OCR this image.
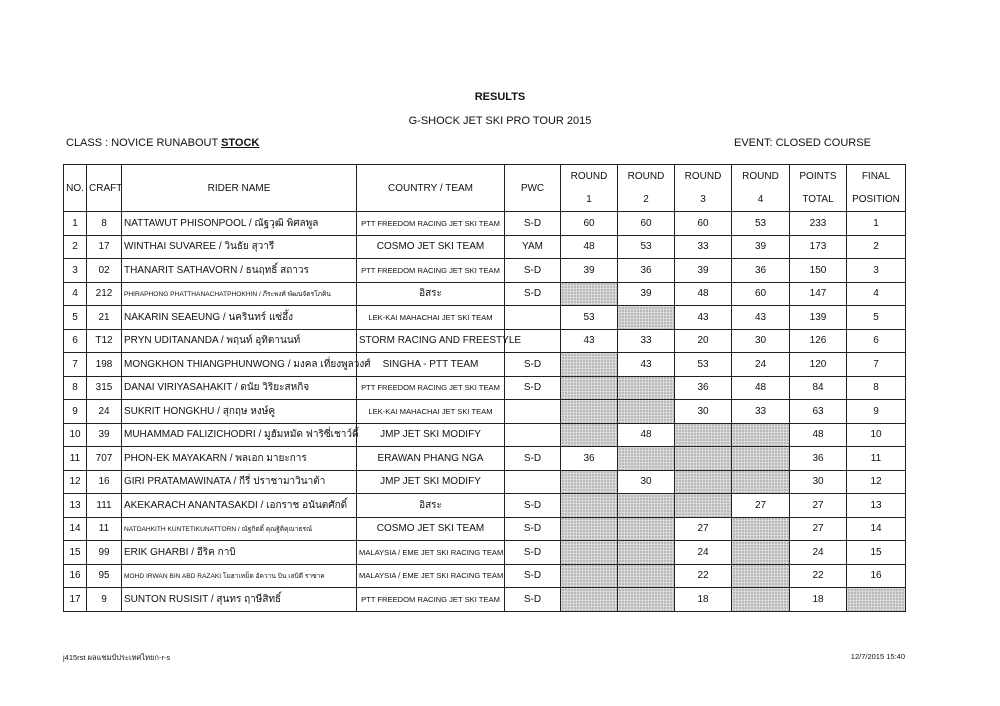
RESULTS
G-SHOCK JET SKI PRO TOUR 2015
CLASS : NOVICE RUNABOUT STOCK	EVENT: CLOSED COURSE
NO.	CRAFT	RIDER NAME	COUNTRY / TEAM	PWC	ROUND	ROUND	ROUND	ROUND	POINTS	FINAL
					1	2	3	4	TOTAL	POSITION
1	8	NATTAWUT PHISONPOOL / ณัฐวุฒิ พิศลพูล	PTT FREEDOM RACING JET SKI TEAM	S-D	60	60	60	53	233	1
2	17	WINTHAI SUVAREE / วินธัย สุวารี	COSMO JET SKI TEAM	YAM	48	53	33	39	173	2
3	02	THANARIT SATHAVORN / ธนฤทธิ์ สถาวร	PTT FREEDOM RACING JET SKI TEAM	S-D	39	36	39	36	150	3
4	212	PHIRAPHONG PHATTHANACHATPHOKHIN / ภีระพงศ์ พัฒนจัตรโภคิน	อิสระ	S-D		39	48	60	147	4
5	21	NAKARIN SEAEUNG / นครินทร์ แซ่อึ้ง	LEK-KAI MAHACHAI JET SKI TEAM		53		43	43	139	5
6	T12	PRYN UDITANANDA / พฤนท์ อุทิตานนท์	STORM RACING AND FREESTYLE		43	33	20	30	126	6
7	198	MONGKHON THIANGPHUNWONG / มงคล เที่ยงพูลวงศ์	SINGHA - PTT TEAM	S-D		43	53	24	120	7
8	315	DANAI VIRIYASAHAKIT / ดนัย วิริยะสหกิจ	PTT FREEDOM RACING JET SKI TEAM	S-D			36	48	84	8
9	24	SUKRIT HONGKHU / สุกฤษ หงษ์คู	LEK-KAI MAHACHAI JET SKI TEAM				30	33	63	9
10	39	MUHAMMAD FALIZICHODRI / มูฮัมหมัด ฟาริซี่เชาว์ดี้	JMP JET SKI MODIFY			48			48	10
11	707	PHON-EK MAYAKARN / พลเอก มายะการ	ERAWAN PHANG NGA	S-D	36				36	11
12	16	GIRI PRATAMAWINATA / กีรี่ ปราชามาวินาต้า	JMP JET SKI MODIFY			30			30	12
13	111	AKEKARACH ANANTASAKDI / เอกราช อนันตศักดิ์	อิสระ	S-D				27	27	13
14	11	NATDAHKITH KUNTETIKUNATTORN / ณัฐกิตติ์ คุณฐิติคุณาธรณ์	COSMO JET SKI TEAM	S-D			27		27	14
15	99	ERIK GHARBI / อีริค กาบิ	MALAYSIA / EME JET SKI RACING TEAM	S-D			24		24	15
16	95	MOHD IRWAN BIN ABD RAZAKI โมฮาเหม็ด อัควาน บิน เลบิดี ราซาค	MALAYSIA / EME JET SKI RACING TEAM	S-D			22		22	16
17	9	SUNTON RUSISIT / สุนทร ฤาษีสิทธิ์	PTT FREEDOM RACING JET SKI TEAM	S-D			18		18	
j415rst ผลแชมป์ประเทศไทยก-r-s	12/7/2015 15:40
